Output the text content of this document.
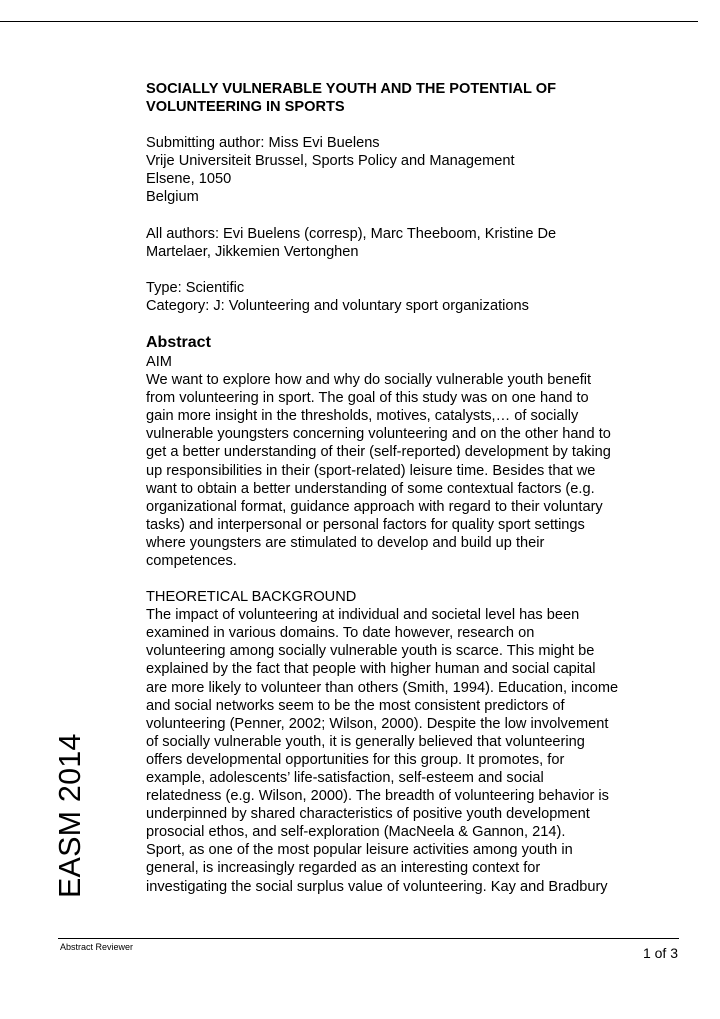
SOCIALLY VULNERABLE YOUTH AND THE POTENTIAL OF
VOLUNTEERING IN SPORTS
Submitting author: Miss Evi Buelens
Vrije Universiteit Brussel, Sports Policy and Management
Elsene, 1050
Belgium
All authors: Evi Buelens (corresp), Marc Theeboom, Kristine De
Martelaer, Jikkemien Vertonghen
Type: Scientific
Category: J: Volunteering and voluntary sport organizations
Abstract
AIM
We want to explore how and why do socially vulnerable youth benefit
from volunteering in sport. The goal of this study was on one hand to
gain more insight in the thresholds, motives, catalysts,… of socially
vulnerable youngsters concerning volunteering and on the other hand to
get a better understanding of their (self-reported) development by taking
up responsibilities in their (sport-related) leisure time. Besides that we
want to obtain a better understanding of some contextual factors (e.g.
organizational format, guidance approach with regard to their voluntary
tasks) and interpersonal or personal factors for quality sport settings
where youngsters are stimulated to develop and build up their
competences.
THEORETICAL BACKGROUND
The impact of volunteering at individual and societal level has been
examined in various domains. To date however, research on
volunteering among socially vulnerable youth is scarce. This might be
explained by the fact that people with higher human and social capital
are more likely to volunteer than others (Smith, 1994). Education, income
and social networks seem to be the most consistent predictors of
volunteering (Penner, 2002; Wilson, 2000). Despite the low involvement
of socially vulnerable youth, it is generally believed that volunteering
offers developmental opportunities for this group. It promotes, for
example, adolescents’ life-satisfaction, self-esteem and social
relatedness (e.g. Wilson, 2000). The breadth of volunteering behavior is
underpinned by shared characteristics of positive youth development
prosocial ethos, and self-exploration (MacNeela & Gannon, 214).
Sport, as one of the most popular leisure activities among youth in
general, is increasingly regarded as an interesting context for
investigating the social surplus value of volunteering. Kay and Bradbury
EASM 2014
Abstract Reviewer	1 of 3
